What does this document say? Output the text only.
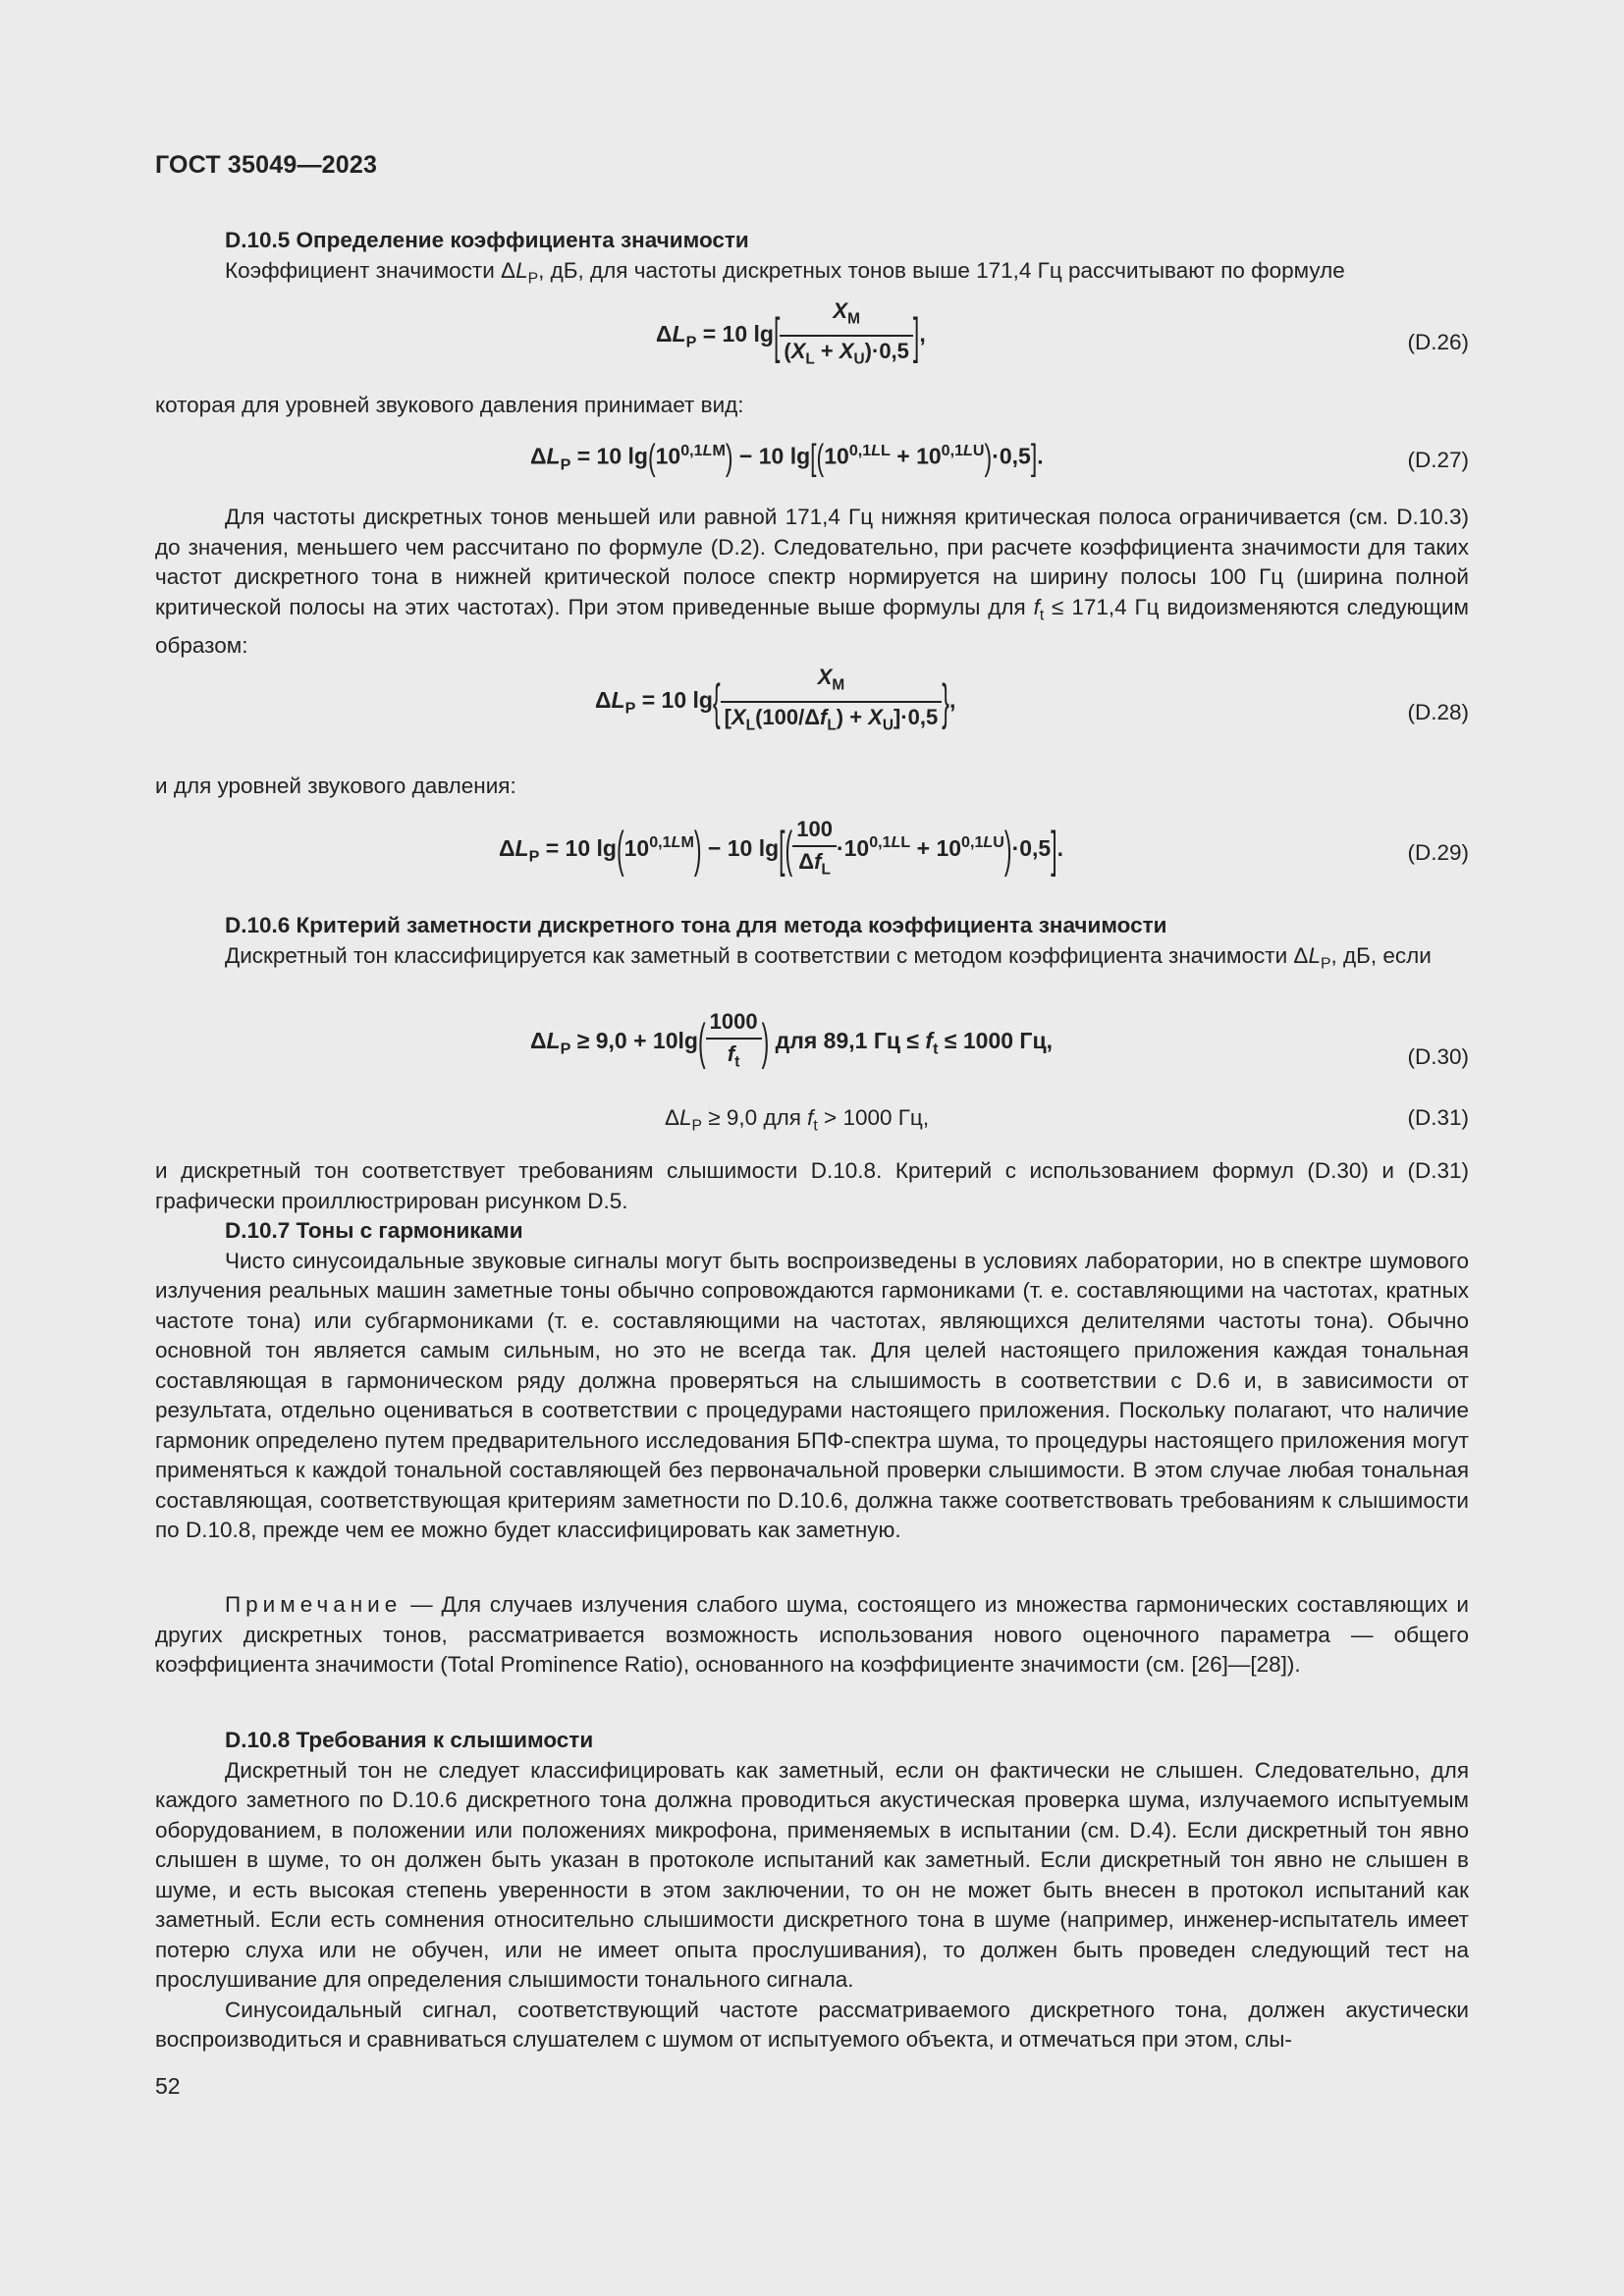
ГОСТ 35049—2023

D.10.5 Определение коэффициента значимости

Коэффициент значимости $\Delta L_P$, дБ, для частоты дискретных тонов выше 171,4 Гц рассчитывают по формуле

$\Delta L_P = 10$ $\lg[ \frac{X_M}{(X_L + X_U)\cdot 0,5}$ ],	(D.26)

которая для уровней звукового давления принимает вид:

$\Delta L_P = 10$ $\lg(10^{0,1LM}) - 10$ $\lg[(10^{0,1LL} + 10^{0,1LU})\cdot 0,5]$.	(D.27)

Для частоты дискретных тонов меньшей или равной 171,4 Гц нижняя критическая полоса ограничивается (см. D.10.3) до значения, меньшего чем рассчитано по формуле (D.2). Следовательно, при расчете коэффициента значимости для таких частот дискретного тона в нижней критической полосе спектр нормируется на ширину полосы 100 Гц (ширина полной критической полосы на этих частотах). При этом приведенные выше формулы для $f_t \le 171,4$ Гц видоизменяются следующим образом:

$\Delta L_P = 10$ $\lg\{ \frac{X_M}{[X_L(100/\Delta f_L) + X_U]\cdot 0,5}$ },	(D.28)

и для уровней звукового давления:

$\Delta L_P = 10$ $\lg(10^{0,1LM}) - 10$ $\lg[( \frac{100}{\Delta f_L} \cdot 10^{0,1LL} + 10^{0,1LU})\cdot 0,5]$.	(D.29)

D.10.6 Критерий заметности дискретного тона для метода коэффициента значимости

Дискретный тон классифицируется как заметный в соответствии с методом коэффициента значимости $\Delta L_P$, дБ, если

$\Delta L_P \ge 9,0 + 10\lg( \frac{1000}{f_t}$ ) для 89,1 Гц ≤ $f_t \le 1000$ Гц,
(D.30)
$\Delta L_P \ge 9,0$ для $f_t > 1000$ Гц,	(D.31)

и дискретный тон соответствует требованиям слышимости D.10.8. Критерий с использованием формул (D.30) и (D.31) графически проиллюстрирован рисунком D.5.

D.10.7 Тоны с гармониками

Чисто синусоидальные звуковые сигналы могут быть воспроизведены в условиях лаборатории, но в спектре шумового излучения реальных машин заметные тоны обычно сопровождаются гармониками (т. е. составляющими на частотах, кратных частоте тона) или субгармониками (т. е. составляющими на частотах, являющихся делителями частоты тона). Обычно основной тон является самым сильным, но это не всегда так. Для целей настоящего приложения каждая тональная составляющая в гармоническом ряду должна проверяться на слышимость в соответствии с D.6 и, в зависимости от результата, отдельно оцениваться в соответствии с процедурами настоящего приложения. Поскольку полагают, что наличие гармоник определено путем предварительного исследования БПФ-спектра шума, то процедуры настоящего приложения могут применяться к каждой тональной составляющей без первоначальной проверки слышимости. В этом случае любая тональная составляющая, соответствующая критериям заметности по D.10.6, должна также соответствовать требованиям к слышимости по D.10.8, прежде чем ее можно будет классифицировать как заметную.

Примечание — Для случаев излучения слабого шума, состоящего из множества гармонических составляющих и других дискретных тонов, рассматривается возможность использования нового оценочного параметра — общего коэффициента значимости (Total Prominence Ratio), основанного на коэффициенте значимости (см. [26]—[28]).

D.10.8 Требования к слышимости

Дискретный тон не следует классифицировать как заметный, если он фактически не слышен. Следовательно, для каждого заметного по D.10.6 дискретного тона должна проводиться акустическая проверка шума, излучаемого испытуемым оборудованием, в положении или положениях микрофона, применяемых в испытании (см. D.4). Если дискретный тон явно слышен в шуме, то он должен быть указан в протоколе испытаний как заметный. Если дискретный тон явно не слышен в шуме, и есть высокая степень уверенности в этом заключении, то он не может быть внесен в протокол испытаний как заметный. Если есть сомнения относительно слышимости дискретного тона в шуме (например, инженер-испытатель имеет потерю слуха или не обучен, или не имеет опыта прослушивания), то должен быть проведен следующий тест на прослушивание для определения слышимости тонального сигнала.

Синусоидальный сигнал, соответствующий частоте рассматриваемого дискретного тона, должен акустически воспроизводиться и сравниваться слушателем с шумом от испытуемого объекта, и отмечаться при этом, слы-

52
